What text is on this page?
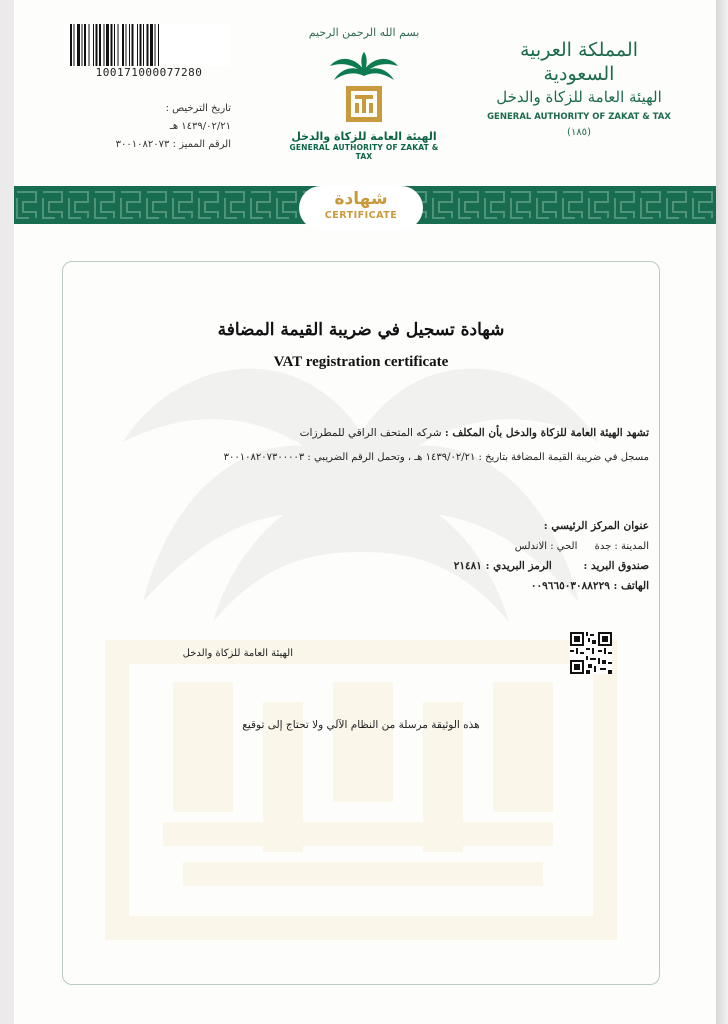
100171000077280
تاريخ الترخيص : ١٤٣٩/٠٢/٢١ هـ
الرقم المميز : ٣٠٠١٠٨٢٠٧٣
بسم الله الرحمن الرحيم
الهيئة العامة للزكاة والدخل
GENERAL AUTHORITY OF ZAKAT & TAX
المملكة العربية السعودية
الهيئة العامة للزكاة والدخل
GENERAL AUTHORITY OF ZAKAT & TAX
(١٨٥)
شهادة
CERTIFICATE
شهادة تسجيل في ضريبة القيمة المضافة
VAT registration certificate
تشهد الهيئة العامة للزكاة والدخل بأن المكلف : شركه المتحف الراقي للمطرزات
مسجل في ضريبة القيمة المضافة بتاريخ : ١٤٣٩/٠٢/٢١ هـ ، وتحمل الرقم الضريبي : ٣٠٠١٠٨٢٠٧٣٠٠٠٠٣
عنوان المركز الرئيسي :
المدينة : جدة الحي : الاندلس
صندوق البريد : الرمز البريدي : ٢١٤٨١
الهاتف : ٠٠٩٦٦٥٠٣٠٨٨٢٢٩
الهيئة العامة للزكاة والدخل
هذه الوثيقة مرسلة من النظام الآلي ولا تحتاج إلى توقيع
